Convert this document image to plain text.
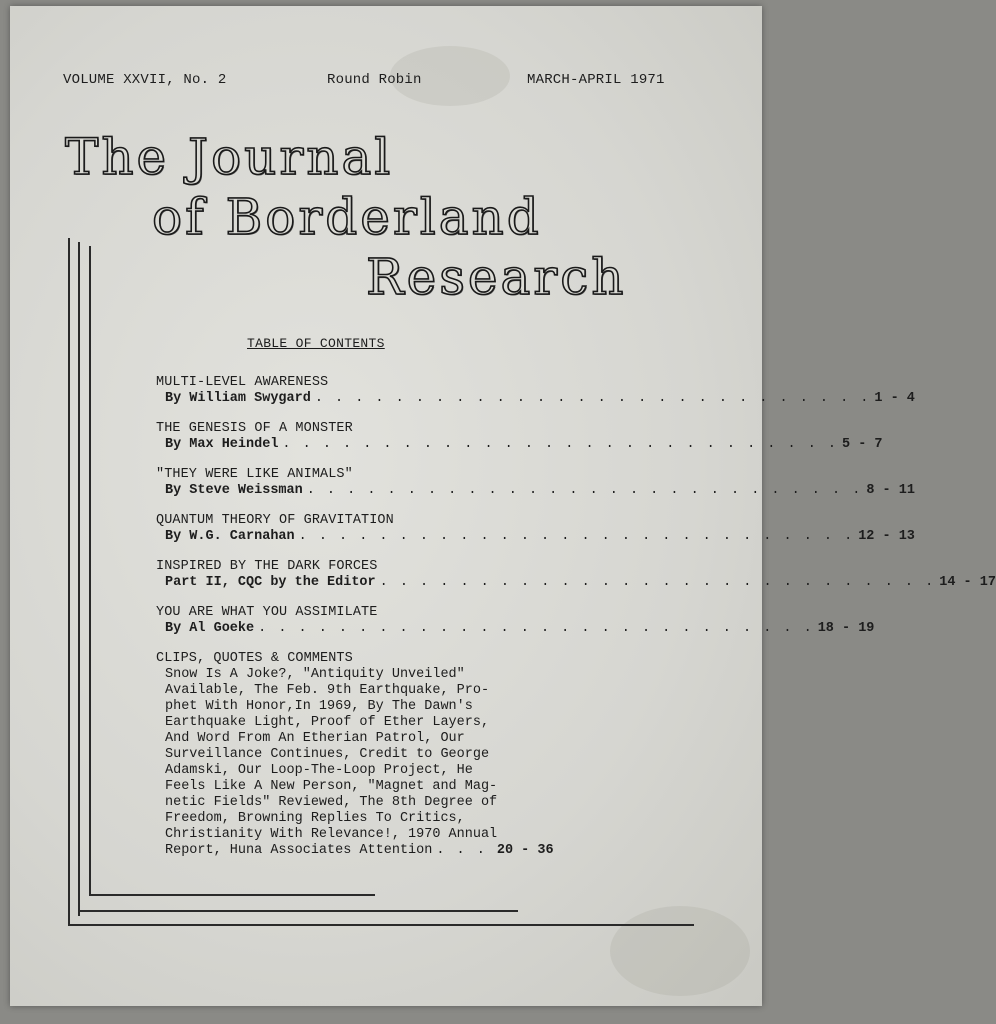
VOLUME XXVII, No. 2	Round Robin	MARCH-APRIL 1971
The Journal
of Borderland
Research
TABLE OF CONTENTS
MULTI-LEVEL AWARENESS
By William Swygard . . . . . . . . . . . . . . . . . . . . . . . . . . . . 1 - 4
THE GENESIS OF A MONSTER
By Max Heindel . . . . . . . . . . . . . . . . . . . . . . . . . . . . 5 - 7
"THEY WERE LIKE ANIMALS"
By Steve Weissman . . . . . . . . . . . . . . . . . . . . . . . . . . . . 8 - 11
QUANTUM THEORY OF GRAVITATION
By W.G. Carnahan . . . . . . . . . . . . . . . . . . . . . . . . . . . . 12 - 13
INSPIRED BY THE DARK FORCES
Part II, CQC by the Editor . . . . . . . . . . . . . . . . . . . . . . . . . . . . 14 - 17
YOU ARE WHAT YOU ASSIMILATE
By Al Goeke . . . . . . . . . . . . . . . . . . . . . . . . . . . . 18 - 19
CLIPS, QUOTES & COMMENTS
Snow Is A Joke?, "Antiquity Unveiled"
Available, The Feb. 9th Earthquake, Pro-
phet With Honor,In 1969, By The Dawn's
Earthquake Light, Proof of Ether Layers,
And Word From An Etherian Patrol, Our
Surveillance Continues, Credit to George
Adamski, Our Loop-The-Loop Project, He
Feels Like A New Person, "Magnet and Mag-
netic Fields" Reviewed, The 8th Degree of
Freedom, Browning Replies To Critics,
Christianity With Relevance!, 1970 Annual
Report, Huna Associates Attention . . . 20 - 36
